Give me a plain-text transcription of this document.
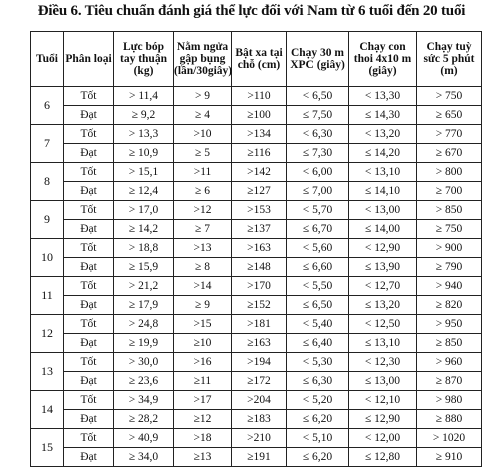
Điều 6. Tiêu chuẩn đánh giá thể lực đối với Nam từ 6 tuổi đến 20 tuổi
Tuổi	Phân loại	Lực bóp tay thuận (kg)	Nằm ngửa gập bụng (lần/30giây)	Bật xa tại chỗ (cm)	Chạy 30 m XPC (giây)	Chạy con thoi 4x10 m (giây)	Chạy tuỳ sức 5 phút (m)
6	Tốt	> 11,4	> 9	>110	< 6,50	< 13,30	> 750
	Đạt	≥ 9,2	≥ 4	≥100	≤ 7,50	≤ 14,30	≥ 650
7	Tốt	> 13,3	>10	>134	< 6,30	< 13,20	> 770
	Đạt	≥ 10,9	≥ 5	≥116	≤ 7,30	≤ 14,20	≥ 670
8	Tốt	> 15,1	>11	>142	< 6,00	< 13,10	> 800
	Đạt	≥ 12,4	≥ 6	≥127	≤ 7,00	≤ 14,10	≥ 700
9	Tốt	> 17,0	>12	>153	< 5,70	< 13,00	> 850
	Đạt	≥ 14,2	≥ 7	≥137	≤ 6,70	≤ 14,00	≥ 750
10	Tốt	> 18,8	>13	>163	< 5,60	< 12,90	> 900
	Đạt	≥ 15,9	≥ 8	≥148	≤ 6,60	≤ 13,90	≥ 790
11	Tốt	> 21,2	>14	>170	< 5,50	< 12,70	> 940
	Đạt	≥ 17,9	≥ 9	≥152	≤ 6,50	≤ 13,20	≥ 820
12	Tốt	> 24,8	>15	>181	< 5,40	< 12,50	> 950
	Đạt	≥ 19,9	≥10	≥163	≤ 6,40	≤ 13,10	≥ 850
13	Tốt	> 30,0	>16	>194	< 5,30	< 12,30	> 960
	Đạt	≥ 23,6	≥11	≥172	≤ 6,30	≤ 13,00	≥ 870
14	Tốt	> 34,9	>17	>204	< 5,20	< 12,10	> 980
	Đạt	≥ 28,2	≥12	≥183	≤ 6,20	≤ 12,90	≥ 880
15	Tốt	> 40,9	>18	>210	< 5,10	< 12,00	> 1020
	Đạt	≥ 34,0	≥13	≥191	≤ 6,20	≤ 12,80	≥ 910
